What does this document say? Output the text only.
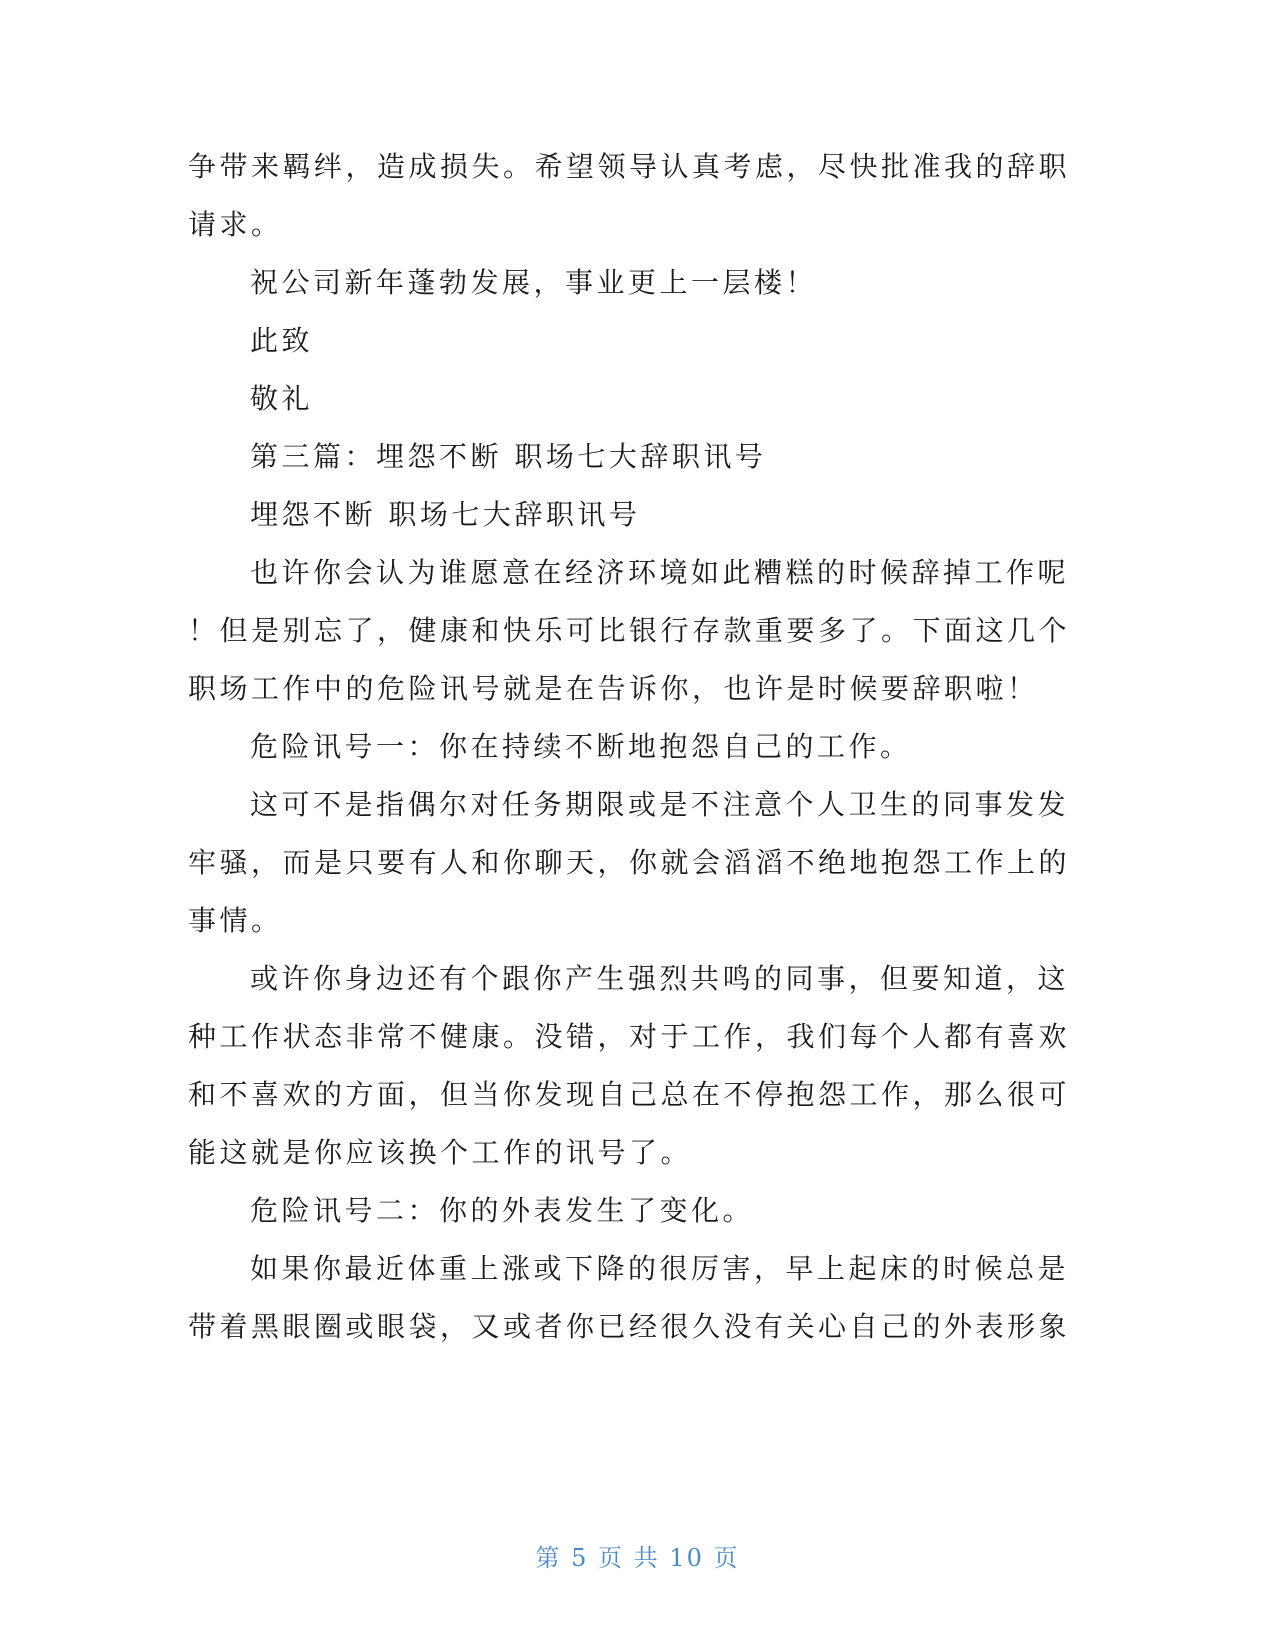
争带来羁绊，造成损失。希望领导认真考虑，尽快批准我的辞职
请求。
祝公司新年蓬勃发展，事业更上一层楼！
此致
敬礼
第三篇：埋怨不断 职场七大辞职讯号
埋怨不断 职场七大辞职讯号
也许你会认为谁愿意在经济环境如此糟糕的时候辞掉工作呢
！但是别忘了，健康和快乐可比银行存款重要多了。下面这几个
职场工作中的危险讯号就是在告诉你，也许是时候要辞职啦！
危险讯号一：你在持续不断地抱怨自己的工作。
这可不是指偶尔对任务期限或是不注意个人卫生的同事发发
牢骚，而是只要有人和你聊天，你就会滔滔不绝地抱怨工作上的
事情。
或许你身边还有个跟你产生强烈共鸣的同事，但要知道，这
种工作状态非常不健康。没错，对于工作，我们每个人都有喜欢
和不喜欢的方面，但当你发现自己总在不停抱怨工作，那么很可
能这就是你应该换个工作的讯号了。
危险讯号二：你的外表发生了变化。
如果你最近体重上涨或下降的很厉害，早上起床的时候总是
带着黑眼圈或眼袋，又或者你已经很久没有关心自己的外表形象
第 5 页 共 10 页
